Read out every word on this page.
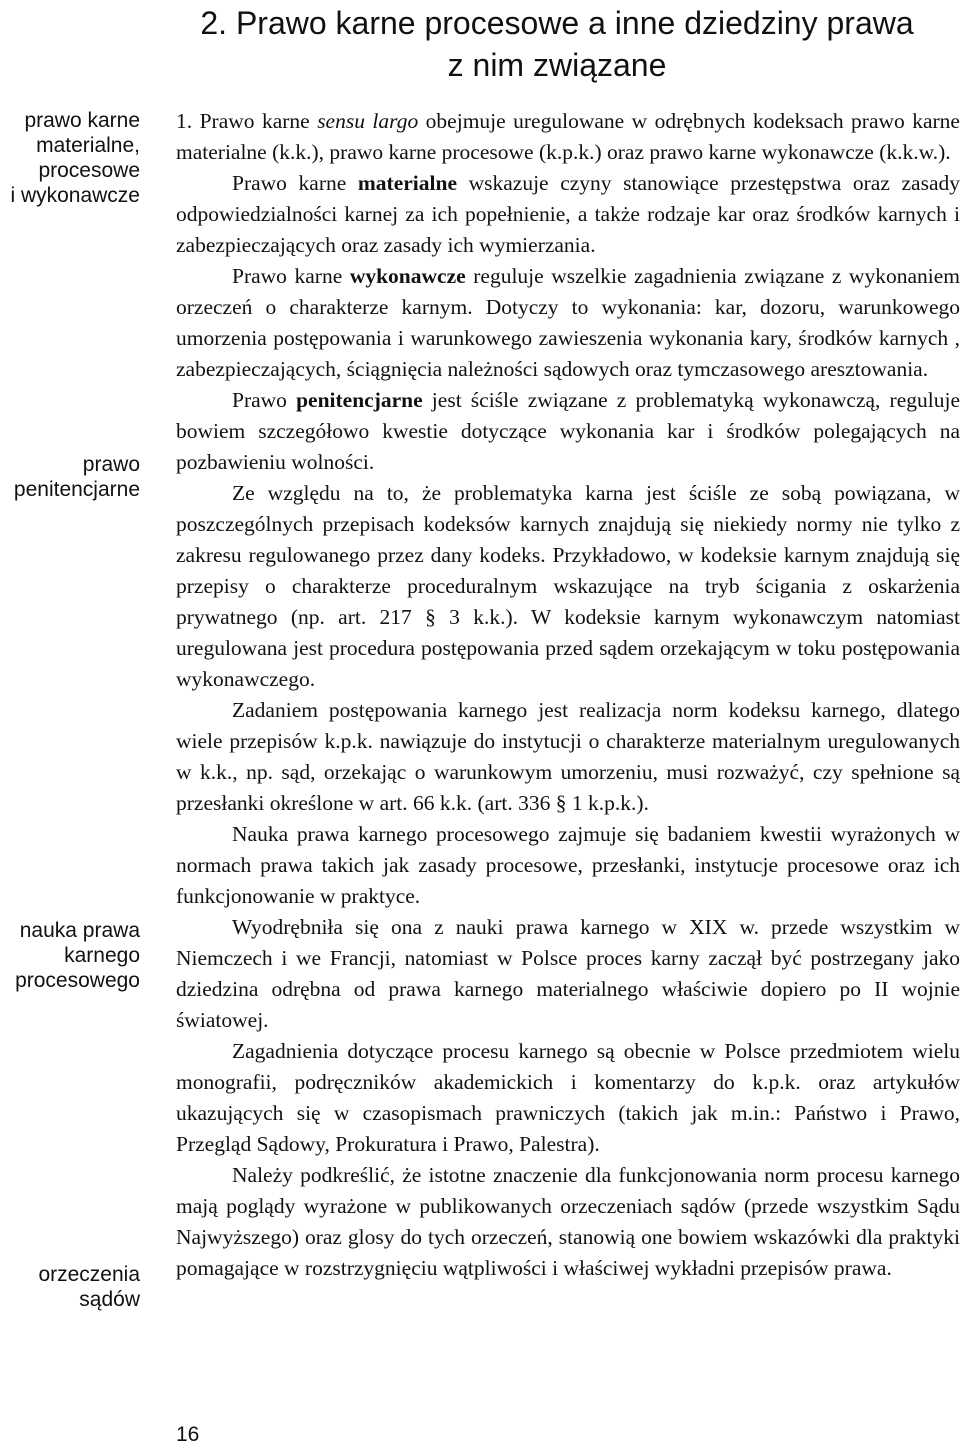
2. Prawo karne procesowe a inne dziedziny prawa
z nim związane
prawo karne
materialne,
procesowe
i wykonawcze
prawo
penitencjarne
nauka prawa
karnego
procesowego
orzeczenia
sądów

1. Prawo karne sensu largo obejmuje uregulowane w odrębnych kodeksach prawo karne materialne (k.k.), prawo karne procesowe (k.p.k.) oraz prawo karne wykonawcze (k.k.w.).

Prawo karne materialne wskazuje czyny stanowiące przestępstwa oraz zasady odpowiedzialności karnej za ich popełnienie, a także rodzaje kar oraz środków karnych i zabezpieczających oraz zasady ich wymierzania.

Prawo karne wykonawcze reguluje wszelkie zagadnienia związane z wykonaniem orzeczeń o charakterze karnym. Dotyczy to wykonania: kar, dozoru, warunkowego umorzenia postępowania i warunkowego zawieszenia wykonania kary, środków karnych , zabezpieczających, ściągnięcia należności sądowych oraz tymczasowego aresztowania.

Prawo penitencjarne jest ściśle związane z problematyką wykonawczą, reguluje bowiem szczegółowo kwestie dotyczące wykonania kar i środków polegających na pozbawieniu wolności.

Ze względu na to, że problematyka karna jest ściśle ze sobą powiązana, w poszczególnych przepisach kodeksów karnych znajdują się niekiedy normy nie tylko z zakresu regulowanego przez dany kodeks. Przykładowo, w kodeksie karnym znajdują się przepisy o charakterze proceduralnym wskazujące na tryb ścigania z oskarżenia prywatnego (np. art. 217 § 3 k.k.). W kodeksie karnym wykonawczym natomiast uregulowana jest procedura postępowania przed sądem orzekającym w toku postępowania wykonawczego.

Zadaniem postępowania karnego jest realizacja norm kodeksu karnego, dlatego wiele przepisów k.p.k. nawiązuje do instytucji o charakterze materialnym uregulowanych w k.k., np. sąd, orzekając o warunkowym umorzeniu, musi rozważyć, czy spełnione są przesłanki określone w art. 66 k.k. (art. 336 § 1 k.p.k.).

Nauka prawa karnego procesowego zajmuje się badaniem kwestii wyrażonych w normach prawa takich jak zasady procesowe, przesłanki, instytucje procesowe oraz ich funkcjonowanie w praktyce.

Wyodrębniła się ona z nauki prawa karnego w XIX w. przede wszystkim w Niemczech i we Francji, natomiast w Polsce proces karny zaczął być postrzegany jako dziedzina odrębna od prawa karnego materialnego właściwie dopiero po II wojnie światowej.

Zagadnienia dotyczące procesu karnego są obecnie w Polsce przedmiotem wielu monografii, podręczników akademickich i komentarzy do k.p.k. oraz artykułów ukazujących się w czasopismach prawniczych (takich jak m.in.: Państwo i Prawo, Przegląd Sądowy, Prokuratura i Prawo, Palestra).

Należy podkreślić, że istotne znaczenie dla funkcjonowania norm procesu karnego mają poglądy wyrażone w publikowanych orzeczeniach sądów (przede wszystkim Sądu Najwyższego) oraz glosy do tych orzeczeń, stanowią one bowiem wskazówki dla praktyki pomagające w rozstrzygnięciu wątpliwości i właściwej wykładni przepisów prawa.

16
